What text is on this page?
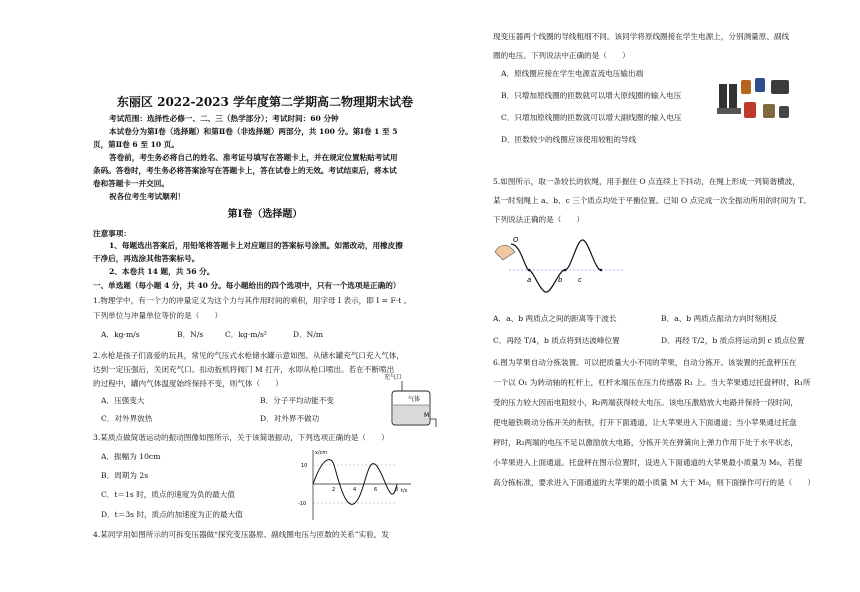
东丽区 2022-2023 学年度第二学期高二物理期末试卷
考试范围：选择性必修一、二、三（热学部分）；考试时间：60 分钟
本试卷分为第Ⅰ卷（选择题）和第Ⅱ卷（非选择题）两部分，共 100 分。第Ⅰ卷 1 至 5
页，第Ⅱ卷 6 至 10 页。
答卷前，考生务必将自己的姓名、准考证号填写在答题卡上，并在规定位置粘贴考试用
条码。答卷时，考生务必将答案涂写在答题卡上，答在试卷上的无效。考试结束后，将本试
卷和答题卡一并交回。
祝各位考生考试顺利！
第Ⅰ卷（选择题）
注意事项：
1、每题选出答案后，用铅笔将答题卡上对应题目的答案标号涂黑。如需改动，用橡皮擦
干净后，再选涂其他答案标号。
2、本卷共 14 题，共 56 分。
一、单选题（每小题 4 分，共 40 分。每小题给出的四个选项中，只有一个选项是正确的）
1.物理学中，有一个力的冲量定义为这个力与其作用时间的乘积，用字母 I 表示，即 I = F·t 。
下列单位与冲量单位等价的是（　　）
A．kg·m/s	B．N/s	C．kg·m/s²	D．N/m
2.水枪是孩子们喜爱的玩具，常见的气压式水枪储水罐示意如图。从储水罐充气口充入气体，
达到一定压强后，关闭充气口。扣动扳机将阀门 M 打开，水即从枪口喷出。若在不断喷出
的过程中，罐内气体温度始终保持不变，则气体（　　）
A．压强变大	B．分子平均动能不变
C．对外界放热	D．对外界不做功
充气口
气体
M
3.某质点做简谐运动的振动图像如图所示，关于该简谐振动，下列选项正确的是（　　）
A．振幅为 10cm
B．周期为 2s
C．t＝1s 时，质点的速度为负的最大值
D．t＝3s 时，质点的加速度为正的最大值
x/cm
t/s
10
-10
2	4	6	8
4.某同学用如图所示的可拆变压器做“探究变压器原、副线圈电压与匝数的关系”实验，发
现变压器两个线圈的导线粗细不同。该同学将原线圈接在学生电源上，分别测量原、副线
圈的电压。下列说法中正确的是（　　）
A．原线圈应接在学生电源直流电压输出端
B．只增加原线圈的匝数就可以增大原线圈的输入电压
C．只增加原线圈的匝数就可以增大副线圈的输入电压
D．匝数较少的线圈应该使用较粗的导线
5.如图所示，取一条较长的软绳，用手握住 O 点连续上下抖动，在绳上形成一列简谐横波，
某一时刻绳上 a、b、c 三个质点均处于平衡位置。已知 O 点完成一次全振动所用的时间为 T。
下列说法正确的是（　　）
O
a	b c
A．a、b 两质点之间的距离等于波长	B．a、b 两质点振动方向时刻相反
C．再经 T/4，b 质点将到达波峰位置	D．再经 T/2，b 质点将运动到 c 质点位置
6.图为苹果自动分拣装置。可以把质量大小不同的苹果，自动分拣开。该装置的托盘秤压在
一个以 O₁ 为转动轴的杠杆上，杠杆末端压在压力传感器 R₁ 上。当大苹果通过托盘秤时，R₁所
受的压力较大因而电阻较小，R₂两端获得较大电压。该电压激励放大电路并保持一段时间，
使电磁铁吸动分拣开关的衔铁，打开下面通道，让大苹果进入下面通道；当小苹果通过托盘
秤时，R₂两端的电压不足以激励放大电路，分拣开关在弹簧向上弹力作用下处于水平状态，
小苹果进入上面通道。托盘秤在图示位置时，设进入下面通道的大苹果最小质量为 M₀，若提
高分拣标准，要求进入下面通道的大苹果的最小质量 M 大于 M₀，则下面操作可行的是（　　）
